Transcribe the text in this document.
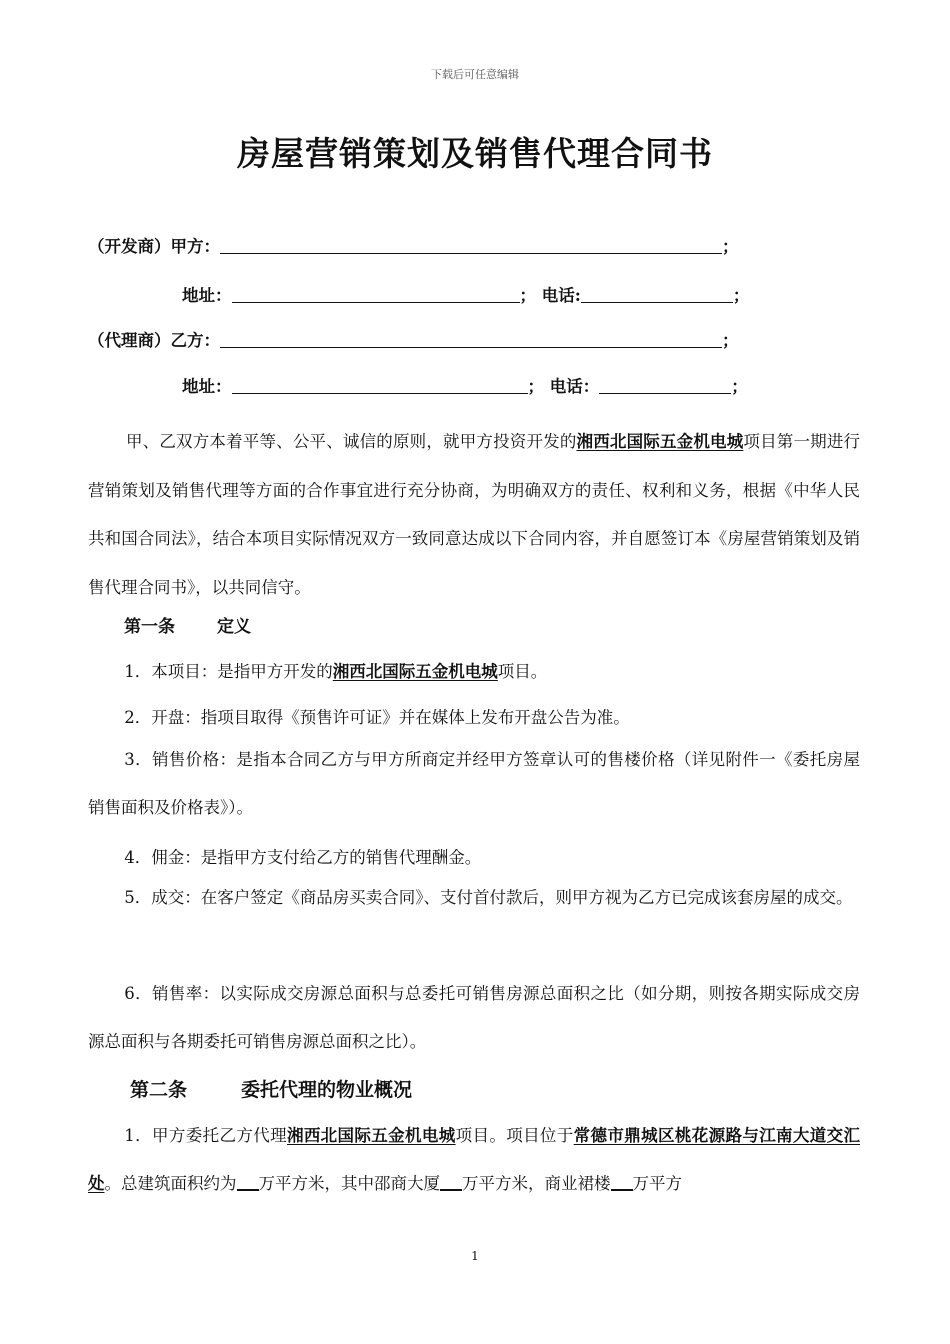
下载后可任意编辑
房屋营销策划及销售代理合同书
（开发商）甲方：	；
地址：	； 电话:	；
（代理商）乙方：	；
地址：	； 电话：	；

甲、乙双方本着平等、公平、诚信的原则，就甲方投资开发的湘西北国际五金机电城项目第一期进行营销策划及销售代理等方面的合作事宜进行充分协商，为明确双方的责任、权利和义务，根据《中华人民共和国合同法》，结合本项目实际情况双方一致同意达成以下合同内容，并自愿签订本《房屋营销策划及销售代理合同书》，以共同信守。

第一条 定义

1．本项目：是指甲方开发的湘西北国际五金机电城项目。

2．开盘：指项目取得《预售许可证》并在媒体上发布开盘公告为准。

3．销售价格：是指本合同乙方与甲方所商定并经甲方签章认可的售楼价格（详见附件一《委托房屋销售面积及价格表》）。

4．佣金：是指甲方支付给乙方的销售代理酬金。

5．成交：在客户签定《商品房买卖合同》、支付首付款后，则甲方视为乙方已完成该套房屋的成交。

6．销售率：以实际成交房源总面积与总委托可销售房源总面积之比（如分期，则按各期实际成交房源总面积与各期委托可销售房源总面积之比）。

第二条	委托代理的物业概况

1．甲方委托乙方代理湘西北国际五金机电城项目。项目位于常德市鼎城区桃花源路与江南大道交汇处。总建筑面积约为 万平方米，其中邵商大厦 万平方米，商业裙楼 万平方

1
